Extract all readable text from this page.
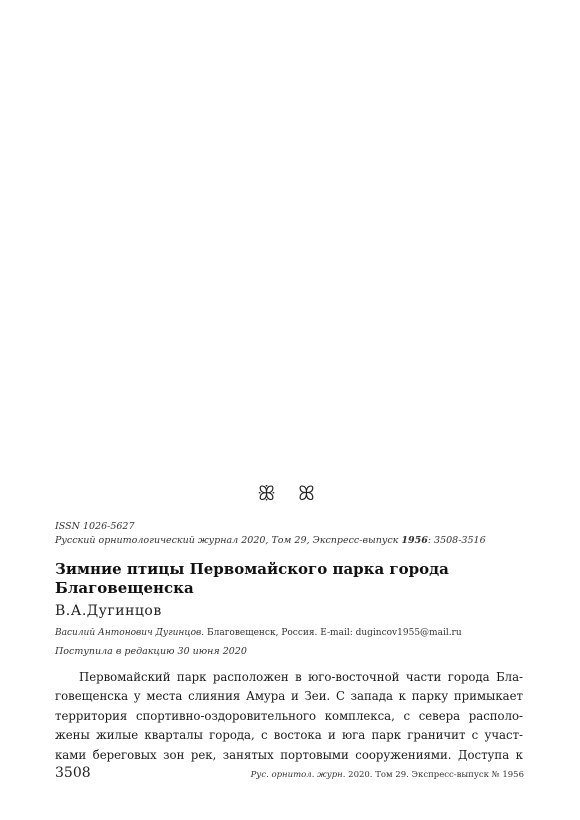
ꕥ ꕤ
ISSN 1026-5627
Русский орнитологический журнал 2020, Том 29, Экспресс-выпуск 1956: 3508-3516
Зимние птицы Первомайского парка города Благовещенска
В.А.Дугинцов
Василий Антонович Дугинцов. Благовещенск, Россия. E-mail: dugincov1955@mail.ru
Поступила в редакцию 30 июня 2020
Первомайский парк расположен в юго-восточной части города Бла-
говещенска у места слияния Амура и Зеи. С запада к парку примыкает
территория спортивно-оздоровительного комплекса, с севера располо-
жены жилые кварталы города, с востока и юга парк граничит с участ-
ками береговых зон рек, занятых портовыми сооружениями. Доступа к
3508	Рус. орнитол. журн. 2020. Том 29. Экспресс-выпуск № 1956
